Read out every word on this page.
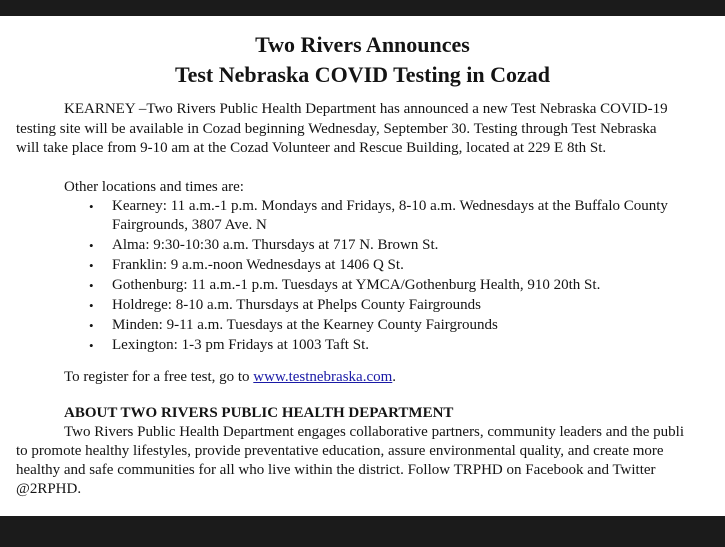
Two Rivers Announces
Test Nebraska COVID Testing in Cozad
KEARNEY –Two Rivers Public Health Department has announced a new Test Nebraska COVID-19
testing site will be available in Cozad beginning Wednesday, September 30. Testing through Test Nebraska
will take place from 9-10 am at the Cozad Volunteer and Rescue Building, located at 229 E 8th St.
Other locations and times are:
• Kearney: 11 a.m.-1 p.m. Mondays and Fridays, 8-10 a.m. Wednesdays at the Buffalo County
Fairgrounds, 3807 Ave. N
• Alma: 9:30-10:30 a.m. Thursdays at 717 N. Brown St.
• Franklin: 9 a.m.-noon Wednesdays at 1406 Q St.
• Gothenburg: 11 a.m.-1 p.m. Tuesdays at YMCA/Gothenburg Health, 910 20th St.
• Holdrege: 8-10 a.m. Thursdays at Phelps County Fairgrounds
• Minden: 9-11 a.m. Tuesdays at the Kearney County Fairgrounds
• Lexington: 1-3 pm Fridays at 1003 Taft St.
To register for a free test, go to www.testnebraska.com.
ABOUT TWO RIVERS PUBLIC HEALTH DEPARTMENT
Two Rivers Public Health Department engages collaborative partners, community leaders and the publi
to promote healthy lifestyles, provide preventative education, assure environmental quality, and create more
healthy and safe communities for all who live within the district. Follow TRPHD on Facebook and Twitter
@2RPHD.
